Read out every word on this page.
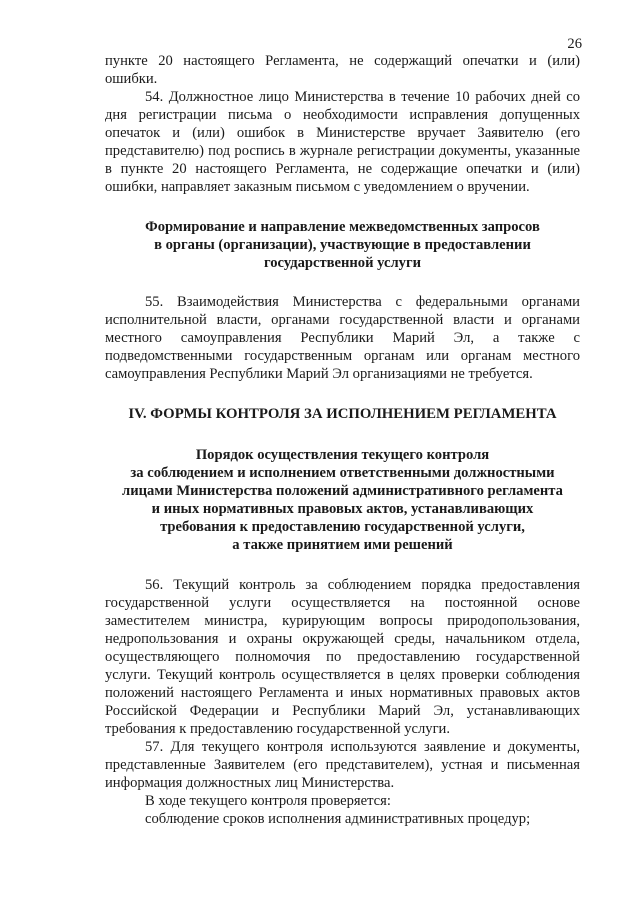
26

пункте 20 настоящего Регламента, не содержащий опечатки и (или) ошибки.

54. Должностное лицо Министерства в течение 10 рабочих дней со дня регистрации письма о необходимости исправления допущенных опечаток и (или) ошибок в Министерстве вручает Заявителю (его представителю) под роспись в журнале регистрации документы, указанные в пункте 20 настоящего Регламента, не содержащие опечатки и (или) ошибки, направляет заказным письмом с уведомлением о вручении.

Формирование и направление межведомственных запросов
в органы (организации), участвующие в предоставлении
государственной услуги

55. Взаимодействия Министерства с федеральными органами исполнительной власти, органами государственной власти и органами местного самоуправления Республики Марий Эл, а также с подведомственными государственным органам или органам местного самоуправления Республики Марий Эл организациями не требуется.

IV. ФОРМЫ КОНТРОЛЯ ЗА ИСПОЛНЕНИЕМ РЕГЛАМЕНТА
Порядок осуществления текущего контроля
за соблюдением и исполнением ответственными должностными
лицами Министерства положений административного регламента
и иных нормативных правовых актов, устанавливающих
требования к предоставлению государственной услуги,
а также принятием ими решений

56. Текущий контроль за соблюдением порядка предоставления государственной услуги осуществляется на постоянной основе заместителем министра, курирующим вопросы природопользования, недропользования и охраны окружающей среды, начальником отдела, осуществляющего полномочия по предоставлению государственной услуги. Текущий контроль осуществляется в целях проверки соблюдения положений настоящего Регламента и иных нормативных правовых актов Российской Федерации и Республики Марий Эл, устанавливающих требования к предоставлению государственной услуги.

57. Для текущего контроля используются заявление и документы, представленные Заявителем (его представителем), устная и письменная информация должностных лиц Министерства.

В ходе текущего контроля проверяется:

соблюдение сроков исполнения административных процедур;
